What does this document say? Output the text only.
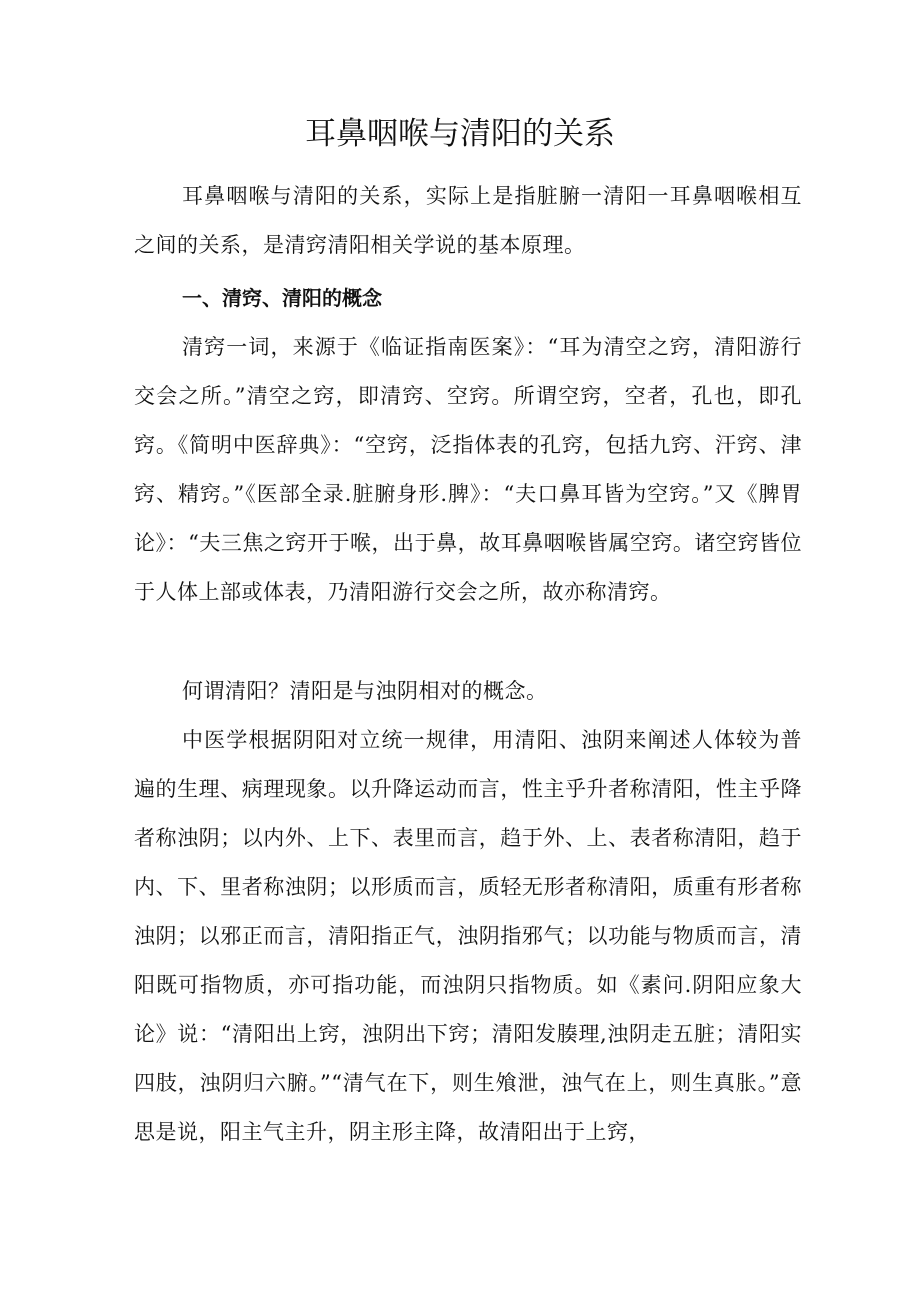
耳鼻咽喉与清阳的关系

耳鼻咽喉与清阳的关系，实际上是指脏腑一清阳一耳鼻咽喉相互之间的关系，是清窍清阳相关学说的基本原理。

一、清窍、清阳的概念

清窍一词，来源于《临证指南医案》：“耳为清空之窍，清阳游行交会之所。”清空之窍，即清窍、空窍。所谓空窍，空者，孔也，即孔窍。《简明中医辞典》：“空窍，泛指体表的孔窍，包括九窍、汗窍、津窍、精窍。”《医部全录.脏腑身形.脾》：“夫口鼻耳皆为空窍。”又《脾胃论》：“夫三焦之窍开于喉，出于鼻，故耳鼻咽喉皆属空窍。诸空窍皆位于人体上部或体表，乃清阳游行交会之所，故亦称清窍。

何谓清阳？清阳是与浊阴相对的概念。

中医学根据阴阳对立统一规律，用清阳、浊阴来阐述人体较为普遍的生理、病理现象。以升降运动而言，性主乎升者称清阳，性主乎降者称浊阴；以内外、上下、表里而言，趋于外、上、表者称清阳，趋于内、下、里者称浊阴；以形质而言，质轻无形者称清阳，质重有形者称浊阴；以邪正而言，清阳指正气，浊阴指邪气；以功能与物质而言，清阳既可指物质，亦可指功能，而浊阴只指物质。如《素问.阴阳应象大论》说：“清阳出上窍，浊阴出下窍；清阳发腠理,浊阴走五脏；清阳实四肢，浊阴归六腑。”“清气在下，则生飧泄，浊气在上，则生真胀。”意思是说，阳主气主升，阴主形主降，故清阳出于上窍，
